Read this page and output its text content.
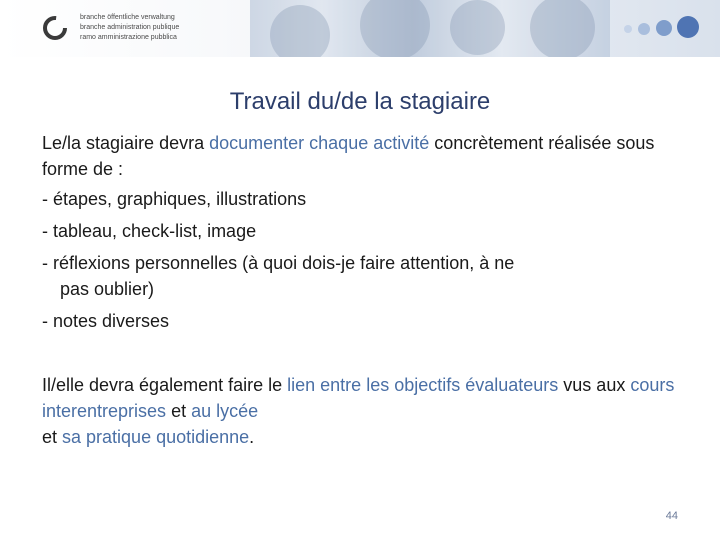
branche öffentliche verwaltung
branche administration publique
ramo amministrazione pubblica
Travail du/de la stagiaire

Le/la stagiaire devra documenter chaque activité concrètement réalisée sous forme de :

- étapes, graphiques, illustrations

- tableau, check-list, image

- réflexions personnelles (à quoi dois-je faire attention, à ne

pas oublier)

- notes diverses

Il/elle devra également faire le lien entre les objectifs évaluateurs vus aux cours interentreprises et au lycée
et sa pratique quotidienne.

44
